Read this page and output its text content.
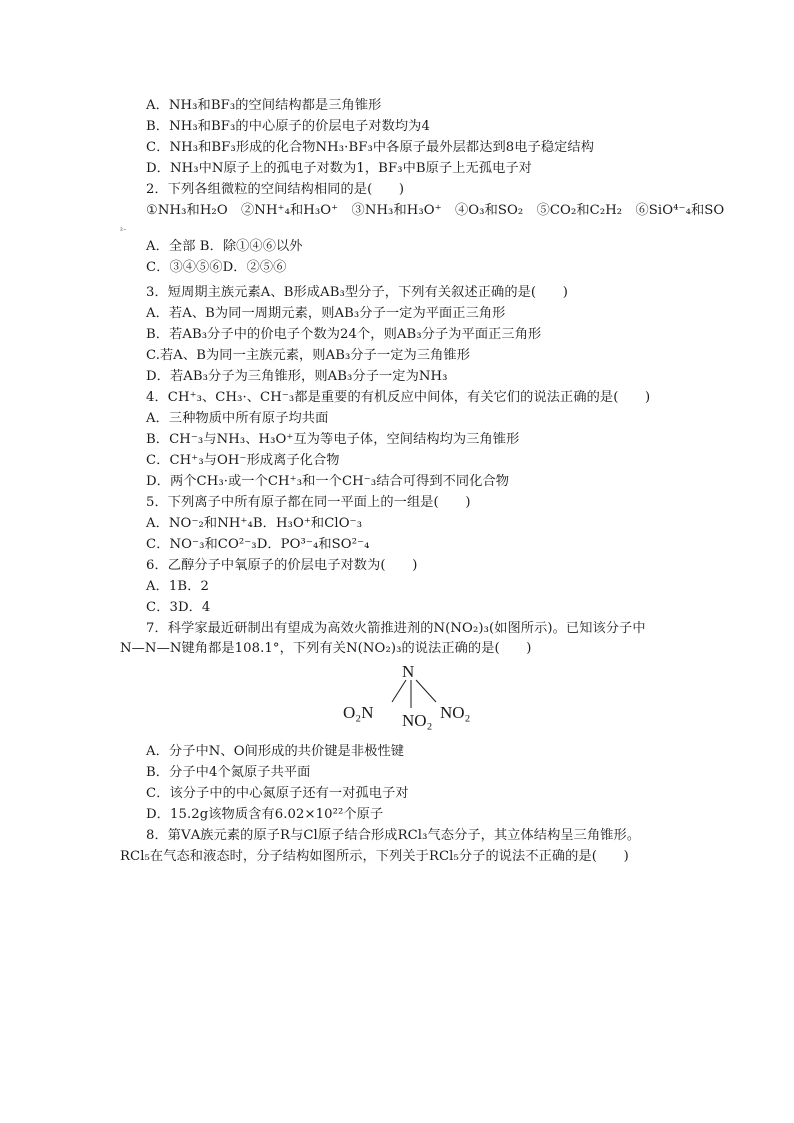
A．NH₃和BF₃的空间结构都是三角锥形
B．NH₃和BF₃的中心原子的价层电子对数均为4
C．NH₃和BF₃形成的化合物NH₃·BF₃中各原子最外层都达到8电子稳定结构
D．NH₃中N原子上的孤电子对数为1，BF₃中B原子上无孤电子对
2．下列各组微粒的空间结构相同的是(　　)
①NH₃和H₂O　②NH⁺₄和H₃O⁺　③NH₃和H₃O⁺　④O₃和SO₂　⑤CO₂和C₂H₂　⑥SiO⁴⁻₄和SO
²⁻
A．全部 B．除①④⑥以外
C．③④⑤⑥D．②⑤⑥
3．短周期主族元素A、B形成AB₃型分子，下列有关叙述正确的是(　　)
A．若A、B为同一周期元素，则AB₃分子一定为平面正三角形
B．若AB₃分子中的价电子个数为24个，则AB₃分子为平面正三角形
C.若A、B为同一主族元素，则AB₃分子一定为三角锥形
D．若AB₃分子为三角锥形，则AB₃分子一定为NH₃
4．CH⁺₃、CH₃·、CH⁻₃都是重要的有机反应中间体，有关它们的说法正确的是(　　)
A．三种物质中所有原子均共面
B．CH⁻₃与NH₃、H₃O⁺互为等电子体，空间结构均为三角锥形
C．CH⁺₃与OH⁻形成离子化合物
D．两个CH₃·或一个CH⁺₃和一个CH⁻₃结合可得到不同化合物
5．下列离子中所有原子都在同一平面上的一组是(　　)
A．NO⁻₂和NH⁺₄B．H₃O⁺和ClO⁻₃
C．NO⁻₃和CO²⁻₃D．PO³⁻₄和SO²⁻₄
6．乙醇分子中氧原子的价层电子对数为(　　)
A．1B．2
C．3D．4
7．科学家最近研制出有望成为高效火箭推进剂的N(NO₂)₃(如图所示)。已知该分子中
N—N—N键角都是108.1°，下列有关N(NO₂)₃的说法正确的是(　　)
N
O₂N NO₂ NO₂
A．分子中N、O间形成的共价键是非极性键
B．分子中4个氮原子共平面
C．该分子中的中心氮原子还有一对孤电子对
D．15.2g该物质含有6.02×10²²个原子
8．第ⅤA族元素的原子R与Cl原子结合形成RCl₃气态分子，其立体结构呈三角锥形。
RCl₅在气态和液态时，分子结构如图所示，下列关于RCl₅分子的说法不正确的是(　　)
